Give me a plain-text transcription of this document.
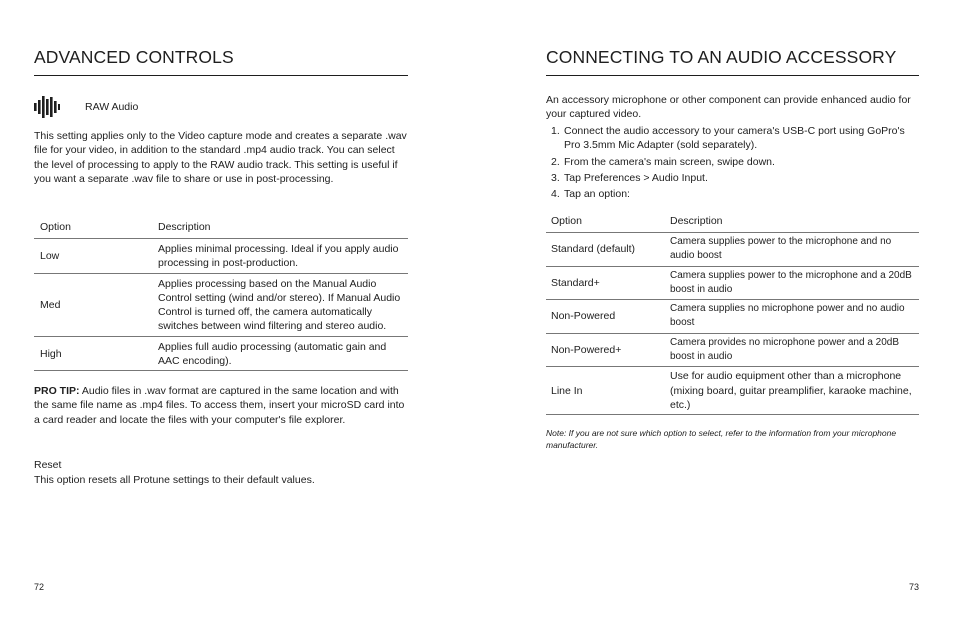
ADVANCED CONTROLS
RAW Audio

This setting applies only to the Video capture mode and creates a separate .wav file for your video, in addition to the standard .mp4 audio track. You can select the level of processing to apply to the RAW audio track. This setting is useful if you want a separate .wav file to share or use in post-processing.

Option	Description
Low	Applies minimal processing. Ideal if you apply audio processing in post-production.
Med	Applies processing based on the Manual Audio Control setting (wind and/or stereo). If Manual Audio Control is turned off, the camera automatically switches between wind filtering and stereo audio.
High	Applies full audio processing (automatic gain and AAC encoding).

PRO TIP: Audio files in .wav format are captured in the same location and with the same file name as .mp4 files. To access them, insert your microSD card into a card reader and locate the files with your computer's file explorer.

Reset
This option resets all Protune settings to their default values.
72
CONNECTING TO AN AUDIO ACCESSORY

An accessory microphone or other component can provide enhanced audio for your captured video.

1. Connect the audio accessory to your camera's USB-C port using GoPro's Pro 3.5mm Mic Adapter (sold separately).
2. From the camera's main screen, swipe down.
3. Tap Preferences > Audio Input.
4. Tap an option:
Option	Description
Standard (default)	Camera supplies power to the microphone and no audio boost
Standard+	Camera supplies power to the microphone and a 20dB boost in audio
Non-Powered	Camera supplies no microphone power and no audio boost
Non-Powered+	Camera provides no microphone power and a 20dB boost in audio
Line In	Use for audio equipment other than a microphone (mixing board, guitar preamplifier, karaoke machine, etc.)

Note: If you are not sure which option to select, refer to the information from your microphone manufacturer.

73
